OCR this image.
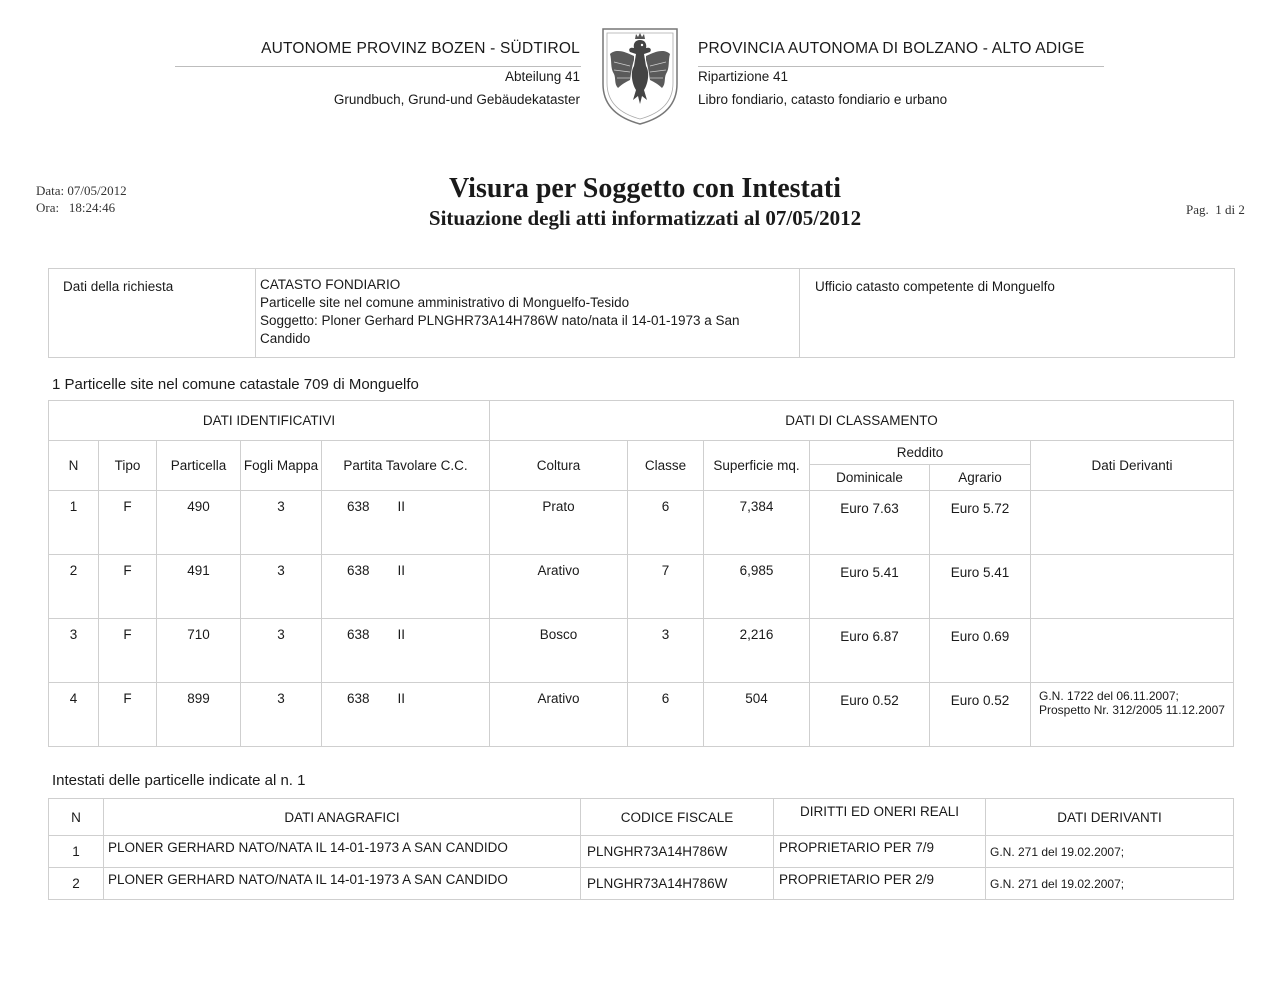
AUTONOME PROVINZ BOZEN - SÜDTIROL
Abteilung 41
Grundbuch, Grund-und Gebäudekataster
PROVINCIA AUTONOMA DI BOLZANO - ALTO ADIGE
Ripartizione 41
Libro fondiario, catasto fondiario e urbano
Data: 07/05/2012
Ora:   18:24:46	Pag.  1 di 2
Visura per Soggetto con Intestati
Situazione degli atti informatizzati al 07/05/2012
Dati della richiesta	CATASTO FONDIARIO
Particelle site nel comune amministrativo di Monguelfo-Tesido
Soggetto: Ploner Gerhard PLNGHR73A14H786W nato/nata il 14-01-1973 a San Candido
	Ufficio catasto competente di Monguelfo
1 Particelle site nel comune catastale 709 di Monguelfo
DATI IDENTIFICATIVI					DATI DI CLASSAMENTO					
N	Tipo	Particella	Fogli Mappa	Partita Tavolare C.C.	Coltura	Classe	Superficie mq.	Reddito		Dati Derivanti
								Dominicale	Agrario	
1	F	490	3	638 II	Prato	6	7,384	Euro 7.63	Euro 5.72	
2	F	491	3	638 II	Arativo	7	6,985	Euro 5.41	Euro 5.41	
3	F	710	3	638 II	Bosco	3	2,216	Euro 6.87	Euro 0.69	
4	F	899	3	638 II	Arativo	6	504	Euro 0.52	Euro 0.52	G.N. 1722 del 06.11.2007; Prospetto Nr. 312/2005 11.12.2007
Intestati delle particelle indicate al n. 1
N	DATI ANAGRAFICI	CODICE FISCALE	DIRITTI ED ONERI REALI	DATI DERIVANTI
1	PLONER GERHARD NATO/NATA IL 14-01-1973 A SAN CANDIDO	PLNGHR73A14H786W	PROPRIETARIO PER 7/9	G.N. 271 del 19.02.2007;
2	PLONER GERHARD NATO/NATA IL 14-01-1973 A SAN CANDIDO	PLNGHR73A14H786W	PROPRIETARIO PER 2/9	G.N. 271 del 19.02.2007;
